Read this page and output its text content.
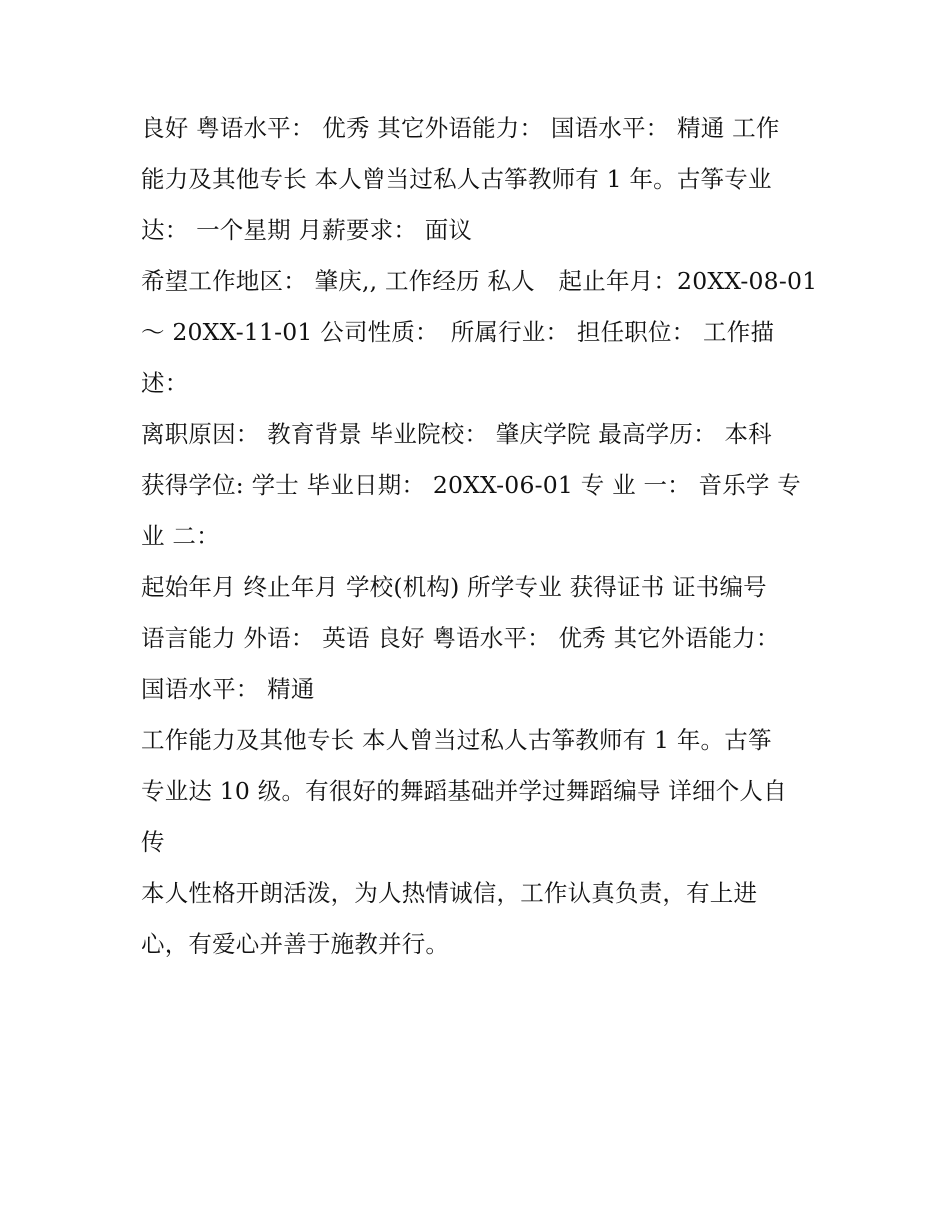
良好 粤语水平： 优秀 其它外语能力： 国语水平： 精通 工作
能力及其他专长 本人曾当过私人古筝教师有 1 年。古筝专业
达： 一个星期 月薪要求： 面议
希望工作地区： 肇庆,, 工作经历 私人　起止年月：20XX-08-01
～ 20XX-11-01 公司性质：　所属行业： 担任职位： 工作描
述：
离职原因： 教育背景 毕业院校： 肇庆学院 最高学历： 本科
获得学位: 学士 毕业日期： 20XX-06-01 专 业 一： 音乐学 专
业 二：
起始年月 终止年月 学校(机构) 所学专业 获得证书 证书编号
语言能力 外语： 英语 良好 粤语水平： 优秀 其它外语能力：
国语水平： 精通
工作能力及其他专长 本人曾当过私人古筝教师有 1 年。古筝
专业达 10 级。有很好的舞蹈基础并学过舞蹈编导 详细个人自
传
本人性格开朗活泼，为人热情诚信，工作认真负责，有上进
心，有爱心并善于施教并行。
